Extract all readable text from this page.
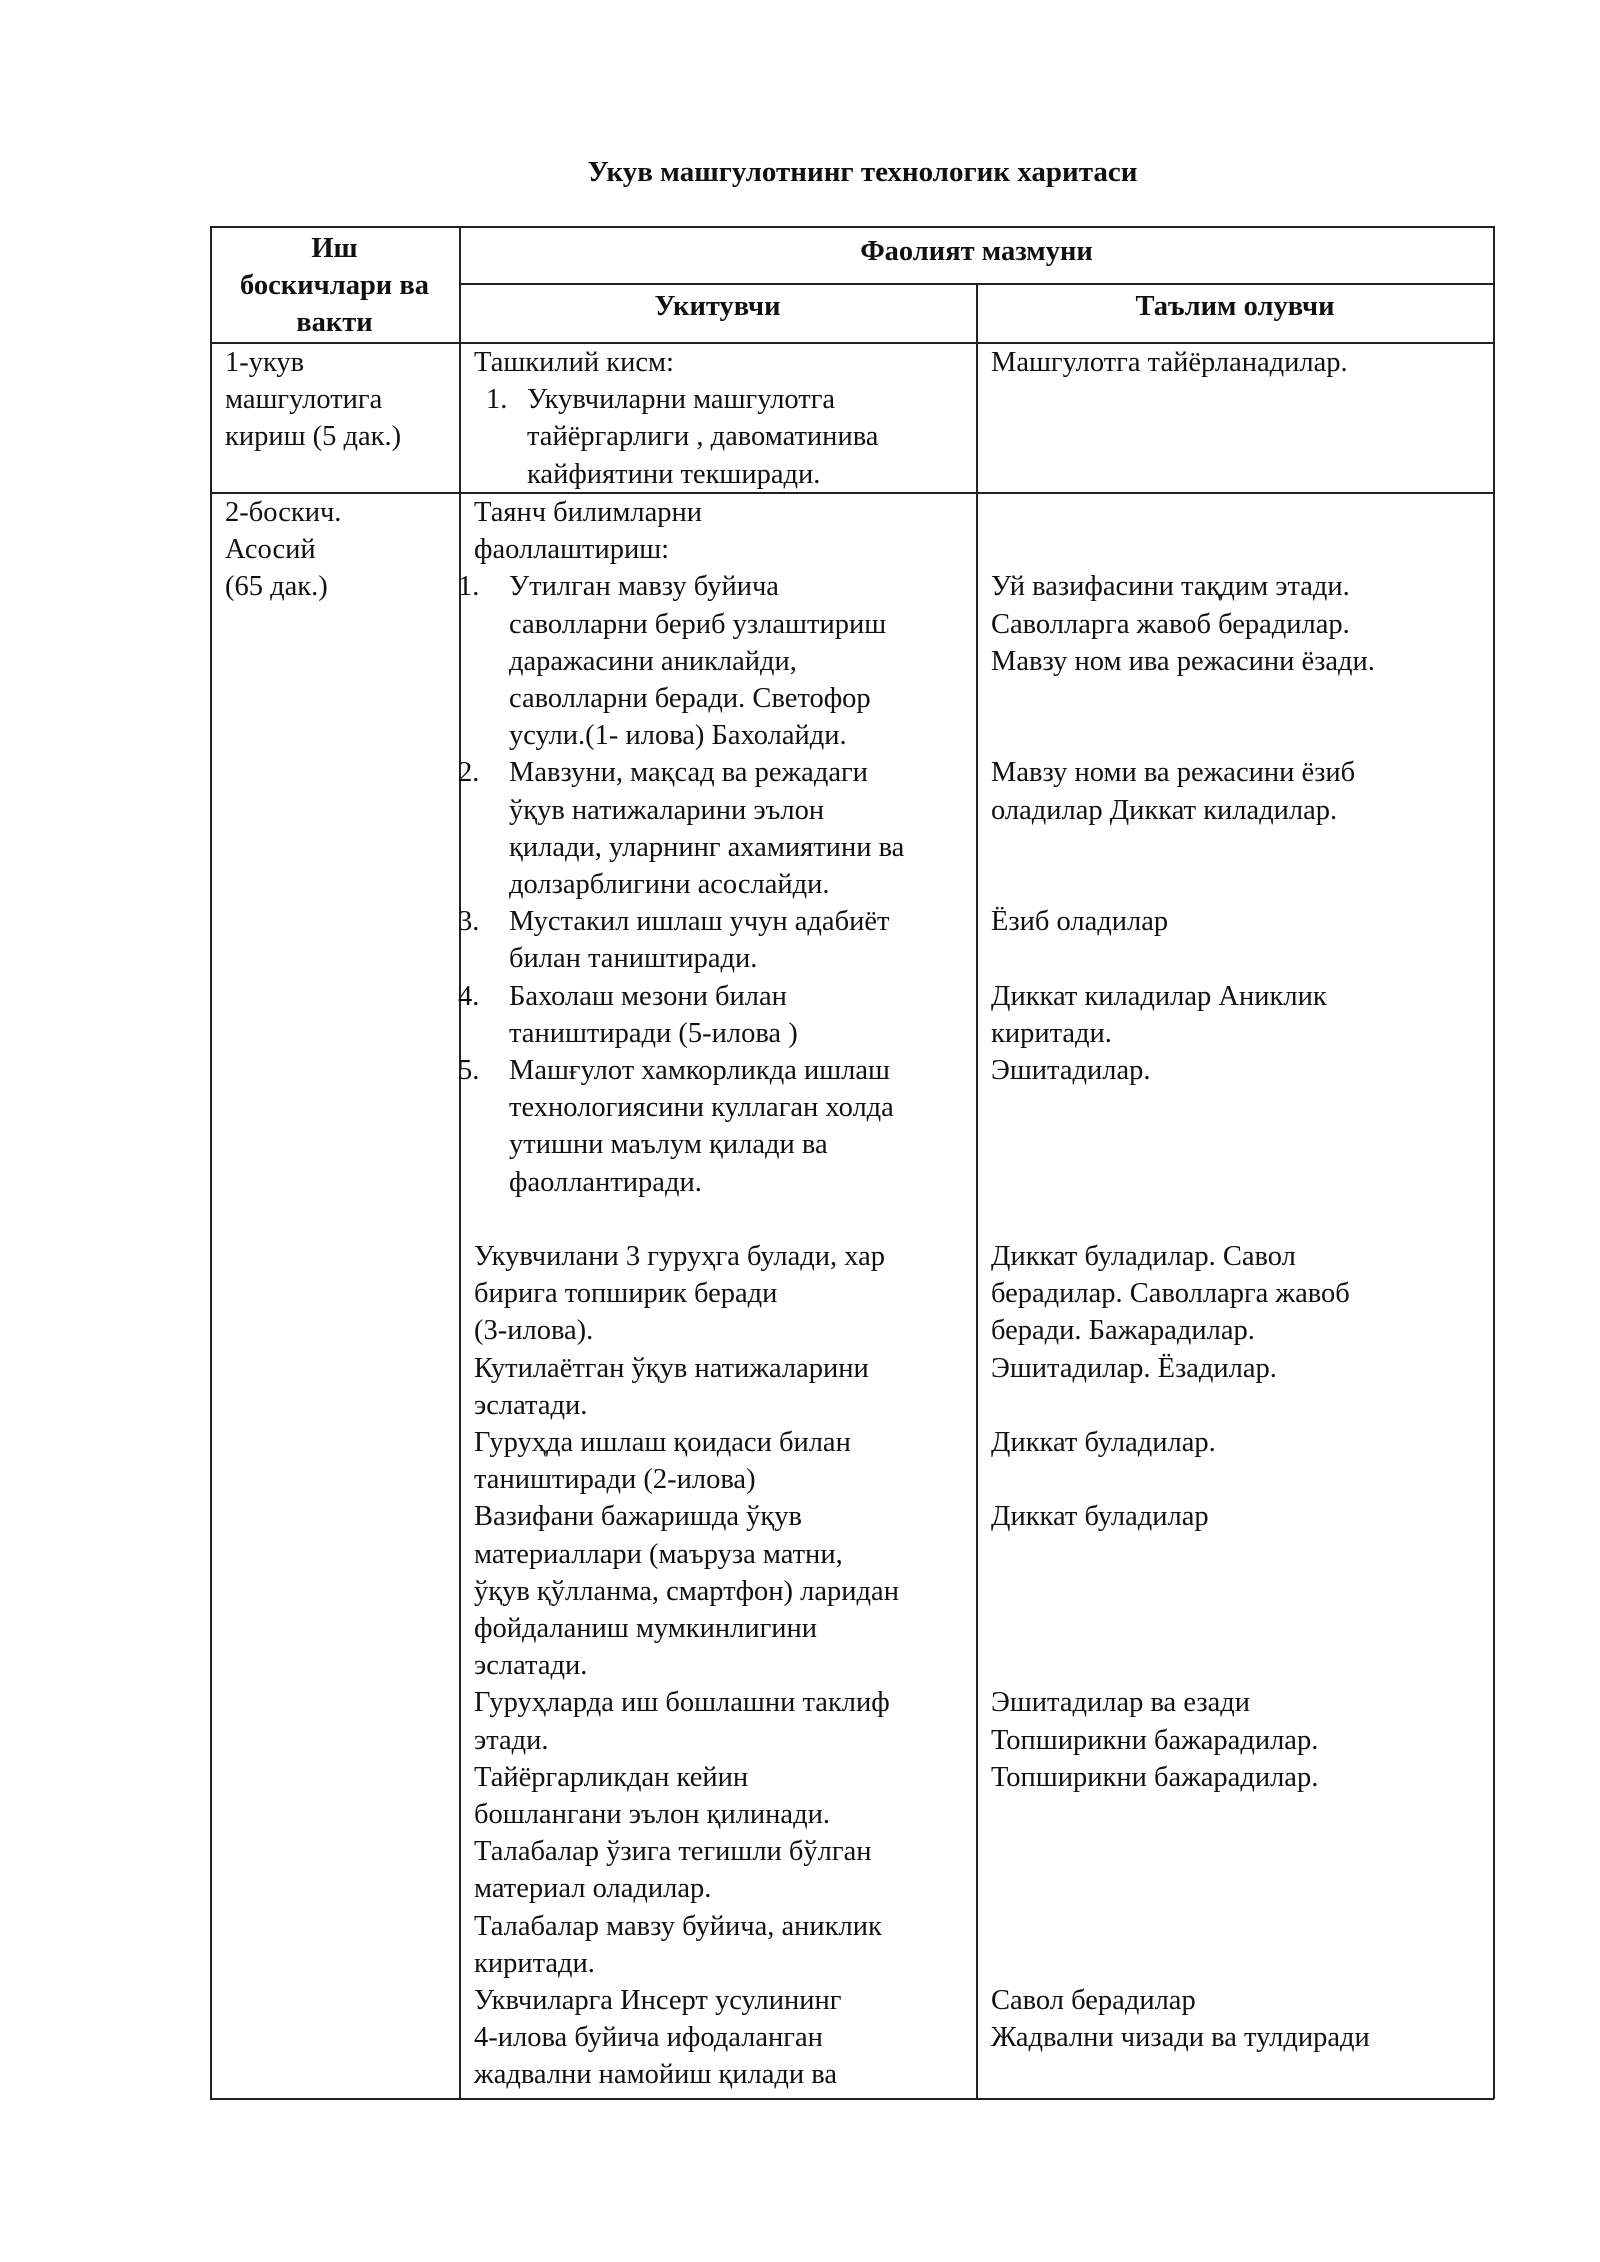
Укув машгулотнинг технологик харитаси
Иш
боскичлари ва
вакти
Фаолият мазмуни
Укитувчи	Таълим олувчи
1-укув
машгулотига
кириш (5 дак.)
Ташкилий кисм:
1. Укувчиларни машгулотга
тайёргарлиги , давоматинива
кайфиятини текширади.
Машгулотга тайёрланадилар.
2-боскич.
Асосий
(65 дак.)
Таянч билимларни
фаоллаштириш:
1. Утилган мавзу буйича
саволларни бериб узлаштириш
даражасини аниклайди,
саволларни беради. Светофор
усули.(1- илова) Бахолайди.
2. Мавзуни, мақсад ва режадаги
ўқув натижаларини эълон
қилади, уларнинг ахамиятини ва
долзарблигини асослайди.
3. Мустакил ишлаш учун адабиёт
билан таништиради.
4. Бахолаш мезони билан
таништиради (5-илова )
5. Машғулот хамкорликда ишлаш
технологиясини куллаган холда
утишни маълум қилади ва
фаоллантиради.
Укувчилани 3 гуруҳга булади, хар
бирига топширик беради
(3-илова).
Кутилаётган ўқув натижаларини
эслатади.
Гуруҳда ишлаш қоидаси билан
таништиради (2-илова)
Вазифани бажаришда ўқув
материаллари (маърузa матни,
ўқув қўлланма, смартфон) ларидан
фойдаланиш мумкинлигини
эслатади.
Гуруҳларда иш бошлашни таклиф
этади.
Тайёргарликдан кейин
бошлангани эълон қилинади.
Талабалар ўзига тегишли бўлган
материал оладилар.
Талабалар мавзу буйича, аниклик
киритади.
Уквчиларга Инсерт усулининг
4-илова буйича ифодаланган
жадвални намойиш қилади ва
Уй вазифасини тақдим этади.
Саволларга жавоб берадилар.
Мавзу ном ива режасини ёзади.
Мавзу номи ва режасини ёзиб
оладилар Диккат киладилар.
Ёзиб оладилар
Диккат киладилар Аниклик
киритади.
Эшитадилар.
Диккат буладилар. Савол
берадилар. Саволларга жавоб
беради. Бажарадилар.
Эшитадилар. Ёзадилар.
Диккат буладилар.
Диккат буладилар
Эшитадилар ва езади
Топширикни бажарадилар.
Топширикни бажарадилар.
Савол берадилар
Жадвални чизади ва тулдиради
